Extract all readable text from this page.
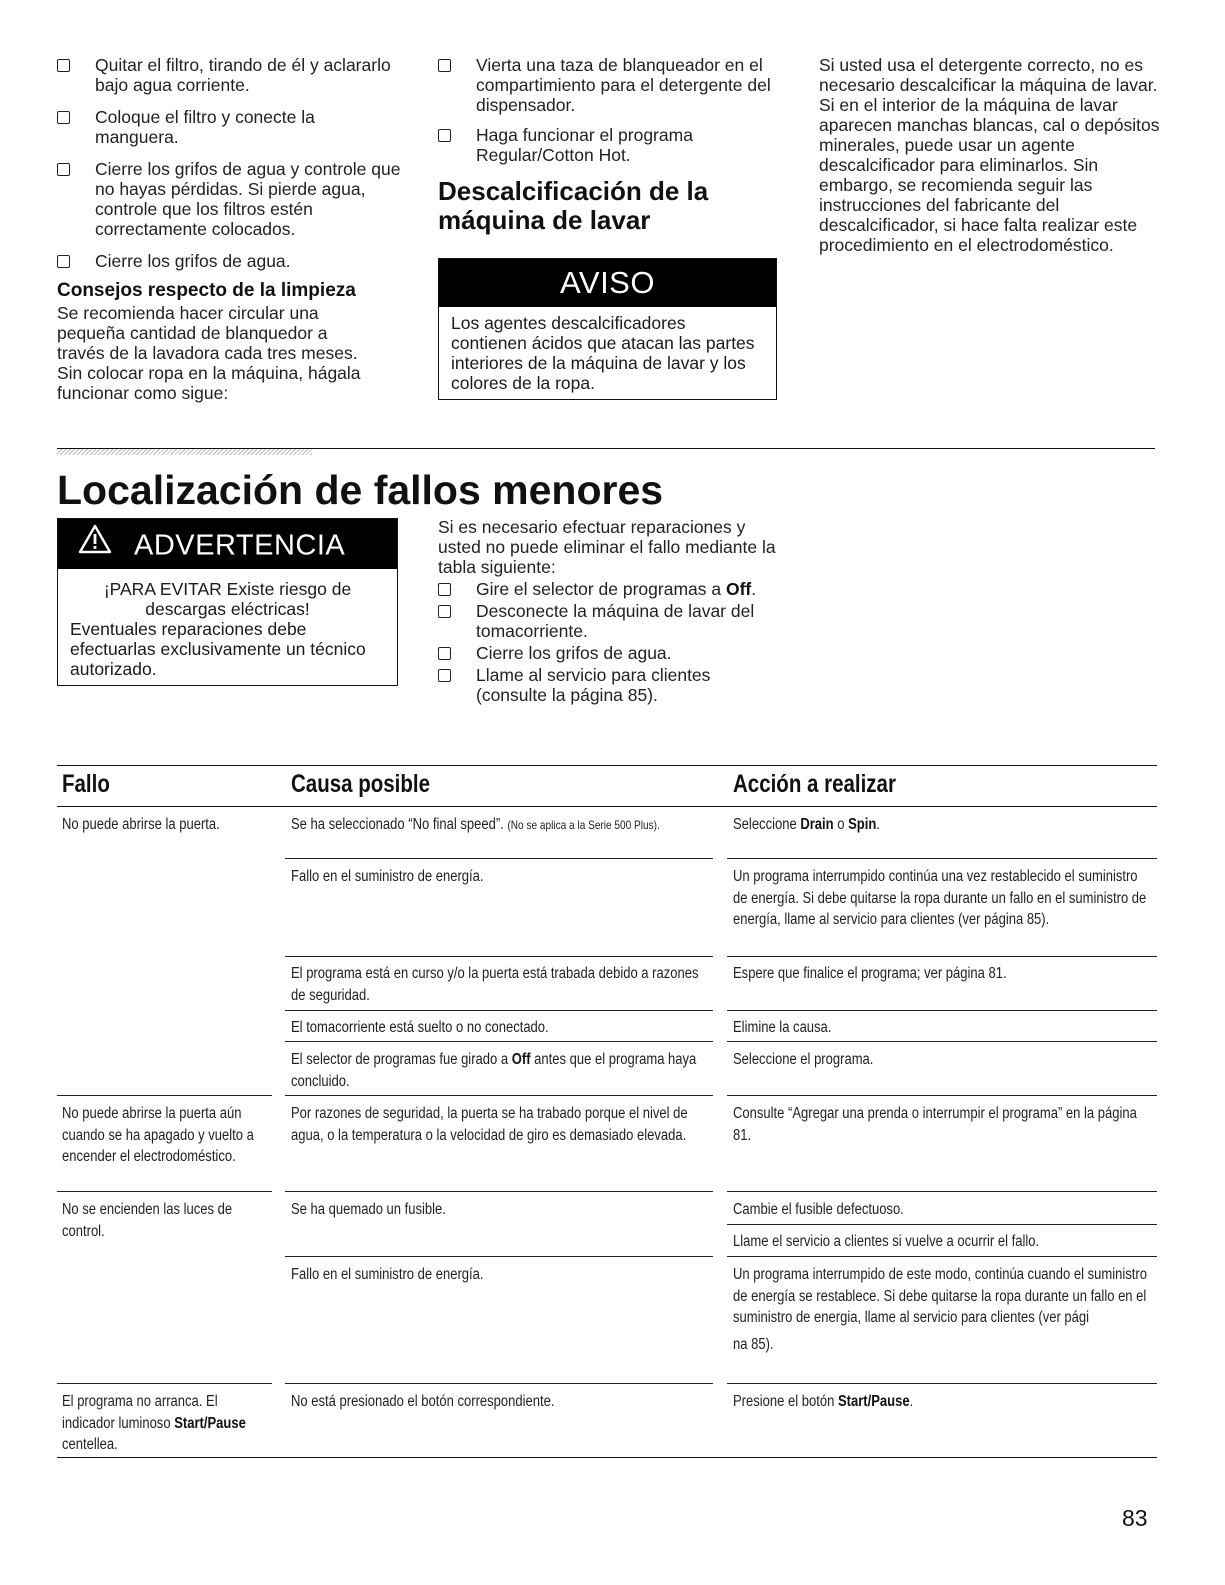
Quitar el filtro, tirando de él y aclararlo bajo agua corriente.
Coloque el filtro y conecte la manguera.
Cierre los grifos de agua y controle que no hayas pérdidas. Si pierde agua, controle que los filtros estén correctamente colocados.
Cierre los grifos de agua.
Consejos respecto de la limpieza
Se recomienda hacer circular una pequeña cantidad de blanquedor a través de la lavadora cada tres meses.
Sin colocar ropa en la máquina, hágala funcionar como sigue:
Vierta una taza de blanqueador en el compartimiento para el detergente del dispensador.
Haga funcionar el programa Regular/Cotton Hot.
Descalcificación de la máquina de lavar
AVISO
Los agentes descalcificadores contienen ácidos que atacan las partes interiores de la máquina de lavar y los colores de la ropa.
Si usted usa el detergente correcto, no es necesario descalcificar la máquina de lavar.
Si en el interior de la máquina de lavar aparecen manchas blancas, cal o depósitos minerales, puede usar un agente descalcificador para eliminarlos. Sin embargo, se recomienda seguir las instrucciones del fabricante del descalcificador, si hace falta realizar este procedimiento en el electrodoméstico.
Localización de fallos menores
ADVERTENCIA
¡PARA EVITAR Existe riesgo de descargas eléctricas!
Eventuales reparaciones debe efectuarlas exclusivamente un técnico autorizado.
Si es necesario efectuar reparaciones y usted no puede eliminar el fallo mediante la tabla siguiente:
Gire el selector de programas a Off.
Desconecte la máquina de lavar del tomacorriente.
Cierre los grifos de agua.
Llame al servicio para clientes (consulte la página 85).
Fallo	Causa posible	Acción a realizar
No puede abrirse la puerta.
No puede abrirse la puerta aún cuando se ha apagado y vuelto a encender el electrodoméstico.
No se encienden las luces de control.
El programa no arranca. El indicador luminoso Start/Pause centellea.
Se ha seleccionado “No final speed”. (No se aplica a la Serie 500 Plus).
Fallo en el suministro de energía.
El programa está en curso y/o la puerta está trabada debido a razones de seguridad.
El tomacorriente está suelto o no conectado.
El selector de programas fue girado a Off antes que el programa haya concluido.
Por razones de seguridad, la puerta se ha trabado porque el nivel de agua, o la temperatura o la velocidad de giro es demasiado elevada.
Se ha quemado un fusible.
Fallo en el suministro de energía.
No está presionado el botón correspondiente.
Seleccione Drain o Spin.
Un programa interrumpido continúa una vez restablecido el suministro de energía. Si debe quitarse la ropa durante un fallo en el suministro de energía, llame al servicio para clientes (ver página 85).
Espere que finalice el programa; ver página 81.
Elimine la causa.
Seleccione el programa.
Consulte “Agregar una prenda o interrumpir el programa” en la página 81.
Cambie el fusible defectuoso.
Llame el servicio a clientes si vuelve a ocurrir el fallo.
Un programa interrumpido de este modo, continúa cuando el suministro de energía se restablece. Si debe quitarse la ropa durante un fallo en el suministro de energia, llame al servicio para clientes (ver pági
na 85).
Presione el botón Start/Pause.
83
